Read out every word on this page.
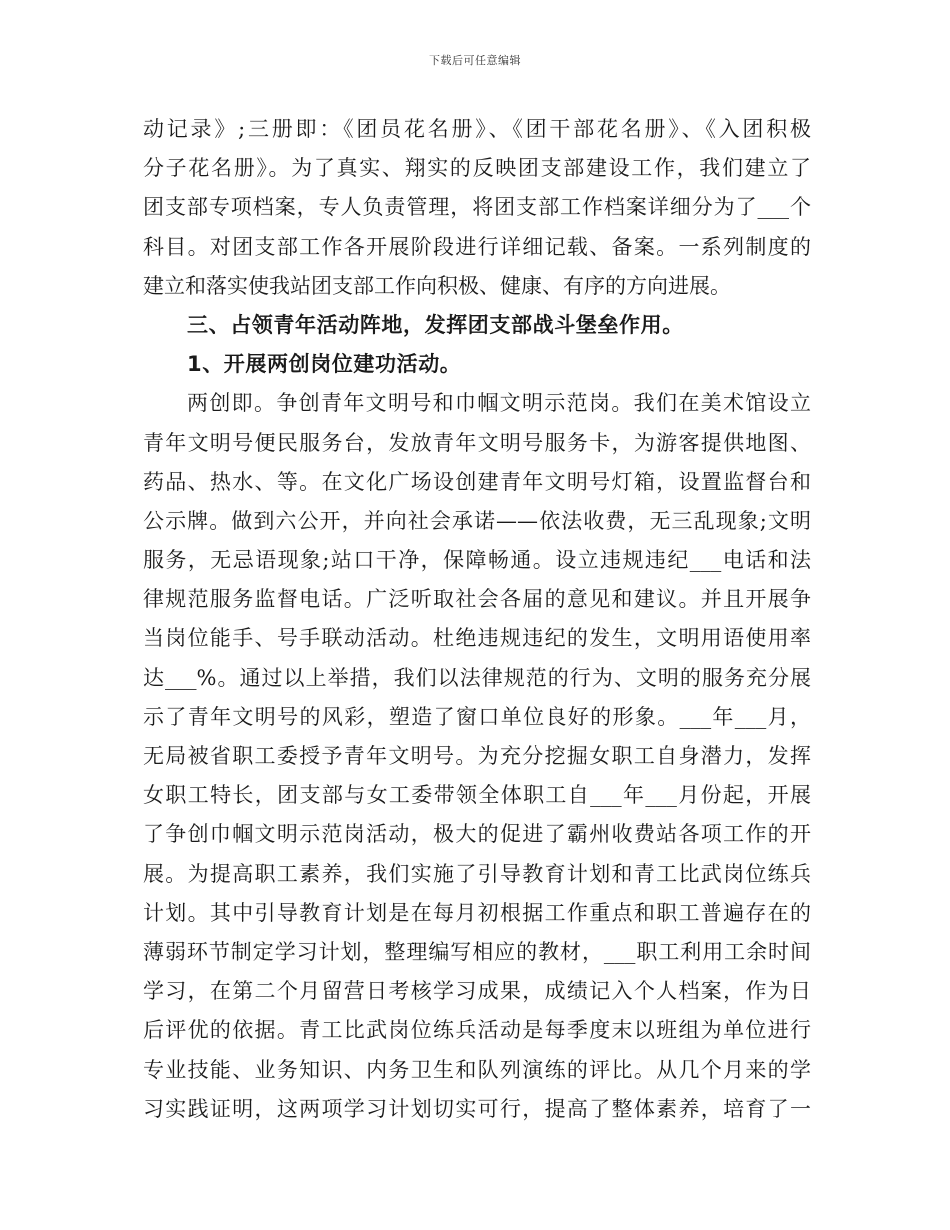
下载后可任意编辑
动记录》;三册即：《团员花名册》、《团干部花名册》、《入团积极
分子花名册》。为了真实、翔实的反映团支部建设工作，我们建立了
团支部专项档案，专人负责管理，将团支部工作档案详细分为了___个
科目。对团支部工作各开展阶段进行详细记载、备案。一系列制度的
建立和落实使我站团支部工作向积极、健康、有序的方向进展。
三、占领青年活动阵地，发挥团支部战斗堡垒作用。
1、开展两创岗位建功活动。
两创即。争创青年文明号和巾帼文明示范岗。我们在美术馆设立
青年文明号便民服务台，发放青年文明号服务卡，为游客提供地图、
药品、热水、等。在文化广场设创建青年文明号灯箱，设置监督台和
公示牌。做到六公开，并向社会承诺——依法收费，无三乱现象;文明
服务，无忌语现象;站口干净，保障畅通。设立违规违纪___电话和法
律规范服务监督电话。广泛听取社会各届的意见和建议。并且开展争
当岗位能手、号手联动活动。杜绝违规违纪的发生，文明用语使用率
达___%。通过以上举措，我们以法律规范的行为、文明的服务充分展
示了青年文明号的风彩，塑造了窗口单位良好的形象。___年___月，
无局被省职工委授予青年文明号。为充分挖掘女职工自身潜力，发挥
女职工特长，团支部与女工委带领全体职工自___年___月份起，开展
了争创巾帼文明示范岗活动，极大的促进了霸州收费站各项工作的开
展。为提高职工素养，我们实施了引导教育计划和青工比武岗位练兵
计划。其中引导教育计划是在每月初根据工作重点和职工普遍存在的
薄弱环节制定学习计划，整理编写相应的教材，___职工利用工余时间
学习，在第二个月留营日考核学习成果，成绩记入个人档案，作为日
后评优的依据。青工比武岗位练兵活动是每季度末以班组为单位进行
专业技能、业务知识、内务卫生和队列演练的评比。从几个月来的学
习实践证明，这两项学习计划切实可行，提高了整体素养，培育了一
